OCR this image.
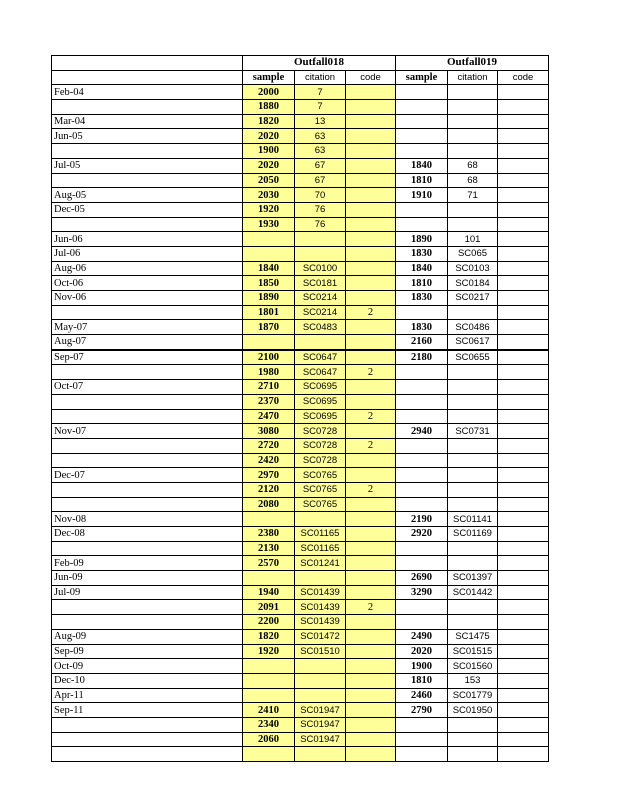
	Outfall018			Outfall019		
	sample	citation	code	sample	citation	code
Feb-04	2000	7				
	1880	7				
Mar-04	1820	13				
Jun-05	2020	63				
	1900	63				
Jul-05	2020	67		1840	68	
	2050	67		1810	68	
Aug-05	2030	70		1910	71	
Dec-05	1920	76				
	1930	76				
Jun-06				1890	101	
Jul-06				1830	SC065	
Aug-06	1840	SC0100		1840	SC0103	
Oct-06	1850	SC0181		1810	SC0184	
Nov-06	1890	SC0214		1830	SC0217	
	1801	SC0214	2			
May-07	1870	SC0483		1830	SC0486	
Aug-07				2160	SC0617	
Sep-07	2100	SC0647		2180	SC0655	
	1980	SC0647	2			
Oct-07	2710	SC0695				
	2370	SC0695				
	2470	SC0695	2			
Nov-07	3080	SC0728		2940	SC0731	
	2720	SC0728	2			
	2420	SC0728				
Dec-07	2970	SC0765				
	2120	SC0765	2			
	2080	SC0765				
Nov-08				2190	SC01141	
Dec-08	2380	SC01165		2920	SC01169	
	2130	SC01165				
Feb-09	2570	SC01241				
Jun-09				2690	SC01397	
Jul-09	1940	SC01439		3290	SC01442	
	2091	SC01439	2			
	2200	SC01439				
Aug-09	1820	SC01472		2490	SC1475	
Sep-09	1920	SC01510		2020	SC01515	
Oct-09				1900	SC01560	
Dec-10				1810	153	
Apr-11				2460	SC01779	
Sep-11	2410	SC01947		2790	SC01950	
	2340	SC01947				
	2060	SC01947				
